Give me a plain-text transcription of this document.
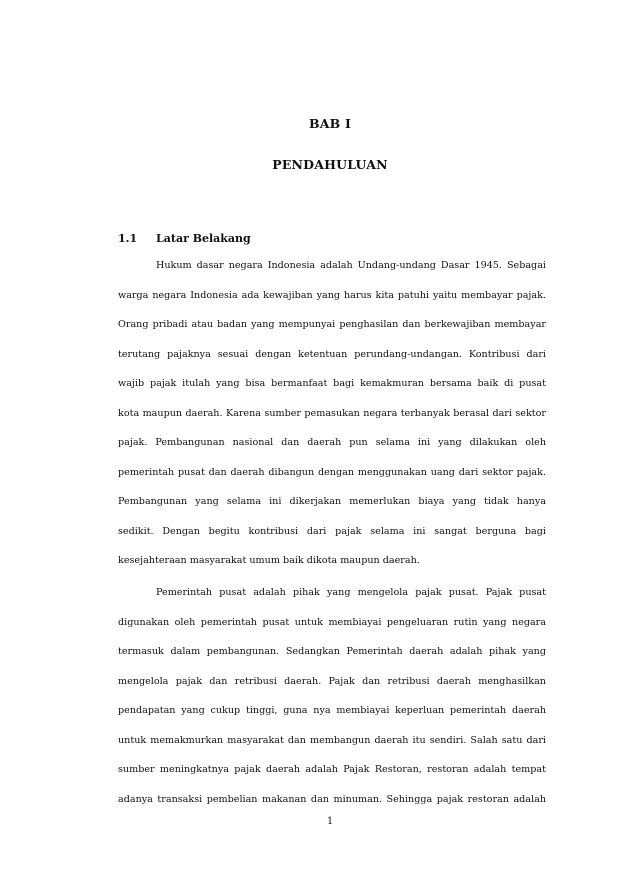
BAB I
PENDAHULUAN
1.1	Latar Belakang
Hukum dasar negara Indonesia adalah Undang-undang Dasar 1945. Sebagai
warga negara Indonesia ada kewajiban yang harus kita patuhi yaitu membayar pajak.
Orang pribadi atau badan yang mempunyai penghasilan dan berkewajiban membayar
terutang pajaknya sesuai dengan ketentuan perundang-undangan. Kontribusi dari
wajib pajak itulah yang bisa bermanfaat bagi kemakmuran bersama baik di pusat
kota maupun daerah. Karena sumber pemasukan negara terbanyak berasal dari sektor
pajak. Pembangunan nasional dan daerah pun selama ini yang dilakukan oleh
pemerintah pusat dan daerah dibangun dengan menggunakan uang dari sektor pajak.
Pembangunan yang selama ini dikerjakan memerlukan biaya yang tidak hanya
sedikit. Dengan begitu kontribusi dari pajak selama ini sangat berguna bagi
kesejahteraan masyarakat umum baik dikota maupun daerah.
Pemerintah pusat adalah pihak yang mengelola pajak pusat. Pajak pusat
digunakan oleh pemerintah pusat untuk membiayai pengeluaran rutin yang negara
termasuk dalam pembangunan. Sedangkan Pemerintah daerah adalah pihak yang
mengelola pajak dan retribusi daerah. Pajak dan retribusi daerah menghasilkan
pendapatan yang cukup tinggi, guna nya membiayai keperluan pemerintah daerah
untuk memakmurkan masyarakat dan membangun daerah itu sendiri. Salah satu dari
sumber meningkatnya pajak daerah adalah Pajak Restoran, restoran adalah tempat
adanya transaksi pembelian makanan dan minuman. Sehingga pajak restoran adalah
1
